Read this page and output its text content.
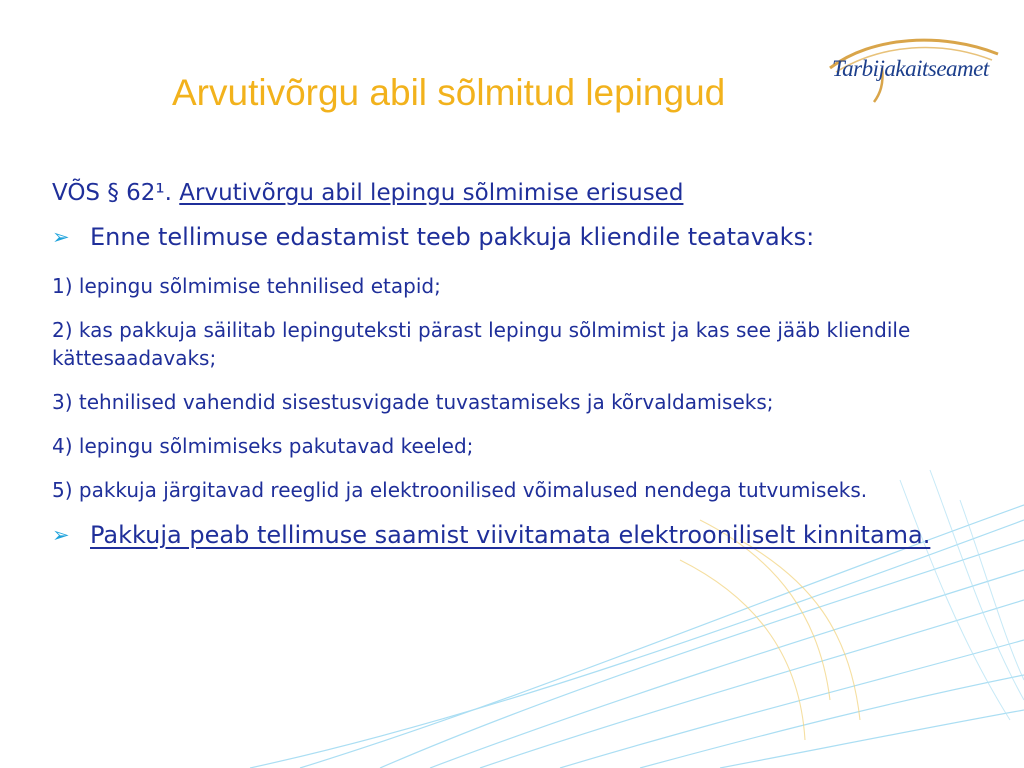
Tarbijakaitseamet
Arvutivõrgu abil sõlmitud lepingud

VÕS § 62¹. Arvutivõrgu abil lepingu sõlmimise erisused

➢ Enne tellimuse edastamist teeb pakkuja kliendile teatavaks:

1) lepingu sõlmimise tehnilised etapid;

2) kas pakkuja säilitab lepinguteksti pärast lepingu sõlmimist ja kas see jääb kliendile kättesaadavaks;

3) tehnilised vahendid sisestusvigade tuvastamiseks ja kõrvaldamiseks;

4) lepingu sõlmimiseks pakutavad keeled;

5) pakkuja järgitavad reeglid ja elektroonilised võimalused nendega tutvumiseks.

➢ Pakkuja peab tellimuse saamist viivitamata elektrooniliselt kinnitama.
